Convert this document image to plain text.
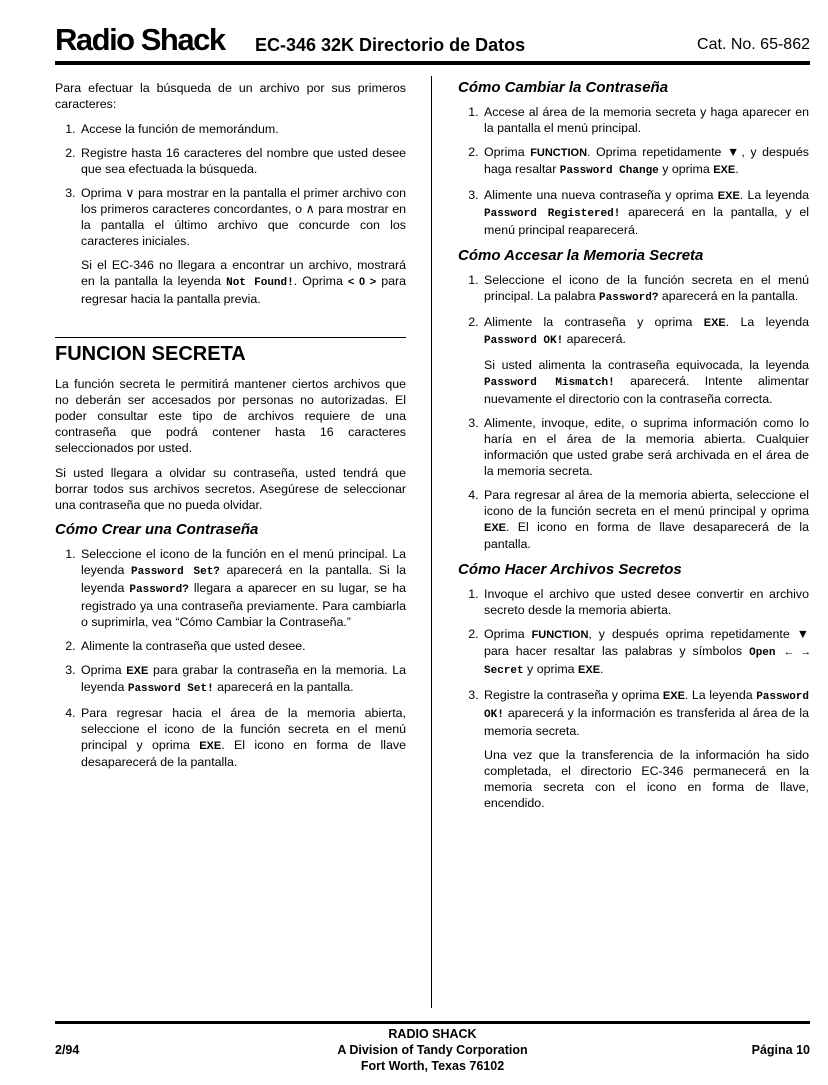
Radio Shack EC-346 32K Directorio de Datos	Cat. No. 65-862

Para efectuar la búsqueda de un archivo por sus primeros caracteres:

1. Accese la función de memorándum.
2. Registre hasta 16 caracteres del nombre que usted desee que sea efectuada la búsqueda.
3. Oprima ∨ para mostrar en la pantalla el primer archivo con los primeros caracteres concordantes, o ∧ para mostrar en la pantalla el último archivo que concurde con los caracteres iniciales.

Si el EC-346 no llegara a encontrar un archivo, mostrará en la pantalla la leyenda Not Found!. Oprima < 0 > para regresar hacia la pantalla previa.

FUNCION SECRETA

La función secreta le permitirá mantener ciertos archivos que no deberán ser accesados por personas no autorizadas. El poder consultar este tipo de archivos requiere de una contraseña que podrá contener hasta 16 caracteres seleccionados por usted.

Si usted llegara a olvidar su contraseña, usted tendrá que borrar todos sus archivos secretos. Asegúrese de seleccionar una contraseña que no pueda olvidar.

Cómo Crear una Contraseña
1. Seleccione el icono de la función en el menú principal. La leyenda Password Set? aparecerá en la pantalla. Si la leyenda Password? llegara a aparecer en su lugar, se ha registrado ya una contraseña previamente. Para cambiarla o suprimirla, vea “Cómo Cambiar la Contraseña.”
2. Alimente la contraseña que usted desee.
3. Oprima EXE para grabar la contraseña en la memoria. La leyenda Password Set! aparecerá en la pantalla.
4. Para regresar hacia el área de la memoria abierta, seleccione el icono de la función secreta en el menú principal y oprima EXE. El icono en forma de llave desaparecerá de la pantalla.
Cómo Cambiar la Contraseña
1. Accese al área de la memoria secreta y haga aparecer en la pantalla el menú principal.
2. Oprima FUNCTION. Oprima repetidamente ▼, y después haga resaltar Password Change y oprima EXE.
3. Alimente una nueva contraseña y oprima EXE. La leyenda Password Registered! aparecerá en la pantalla, y el menú principal reaparecerá.
Cómo Accesar la Memoria Secreta
1. Seleccione el icono de la función secreta en el menú principal. La palabra Password? aparecerá en la pantalla.
2. Alimente la contraseña y oprima EXE. La leyenda Password OK! aparecerá.

Si usted alimenta la contraseña equivocada, la leyenda Password Mismatch! aparecerá. Intente alimentar nuevamente el directorio con la contraseña correcta.

3. Alimente, invoque, edite, o suprima información como lo haría en el área de la memoria abierta. Cualquier información que usted grabe será archivada en el área de la memoria secreta.
4. Para regresar al área de la memoria abierta, seleccione el icono de la función secreta en el menú principal y oprima EXE. El icono en forma de llave desaparecerá de la pantalla.
Cómo Hacer Archivos Secretos
1. Invoque el archivo que usted desee convertir en archivo secreto desde la memoria abierta.
2. Oprima FUNCTION, y después oprima repetidamente ▼ para hacer resaltar las palabras y símbolos Open ← → Secret y oprima EXE.
3. Registre la contraseña y oprima EXE. La leyenda Password OK! aparecerá y la información es transferida al área de la memoria secreta.

Una vez que la transferencia de la información ha sido completada, el directorio EC-346 permanecerá en la memoria secreta con el icono en forma de llave, encendido.

RADIO SHACK
A Division of Tandy Corporation
Fort Worth, Texas 76102
2/94	Página 10
